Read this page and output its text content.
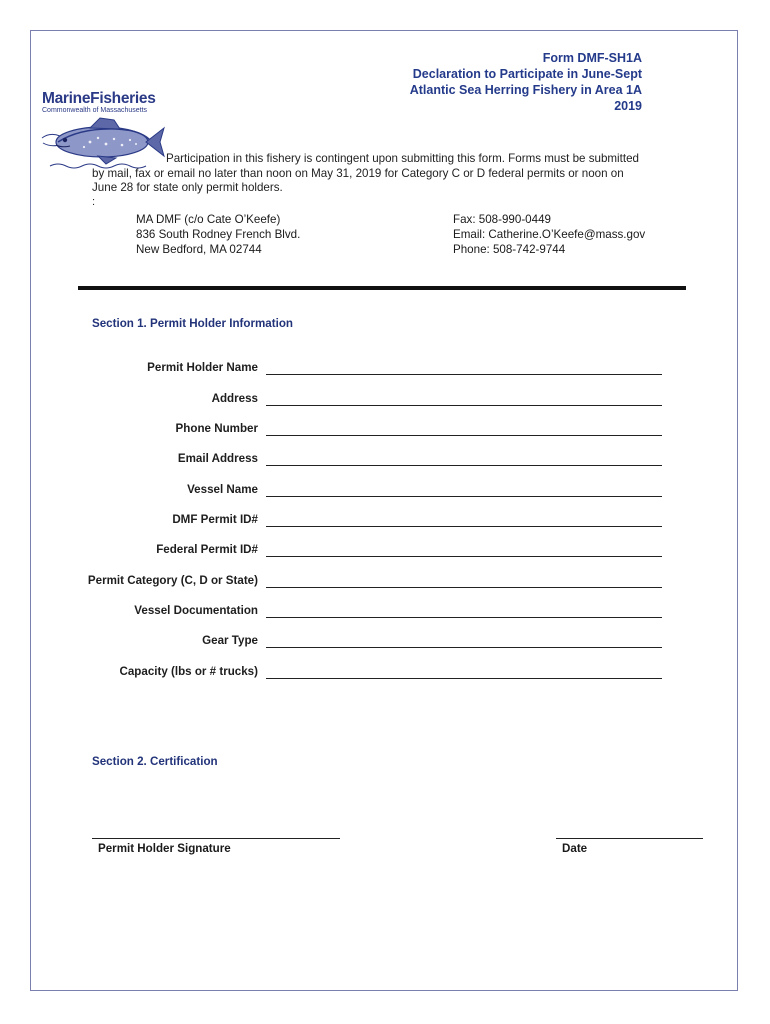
MarineFisheries
Commonwealth of Massachusetts
Form DMF-SH1A
Declaration to Participate in June-Sept
Atlantic Sea Herring Fishery in Area 1A
2019
Participation in this fishery is contingent upon submitting this form. Forms must be submitted
by mail, fax or email no later than noon on May 31, 2019 for Category C or D federal permits or noon on
June 28 for state only permit holders.
:
MA DMF (c/o Cate O’Keefe)
836 South Rodney French Blvd.
New Bedford, MA 02744
Fax: 508-990-0449
Email: Catherine.O’Keefe@mass.gov
Phone: 508-742-9744
Section 1. Permit Holder Information
Permit Holder Name
Address
Phone Number
Email Address
Vessel Name
DMF Permit ID#
Federal Permit ID#
Permit Category (C, D or State)
Vessel Documentation
Gear Type
Capacity (lbs or # trucks)
Section 2. Certification
Permit Holder Signature	Date
